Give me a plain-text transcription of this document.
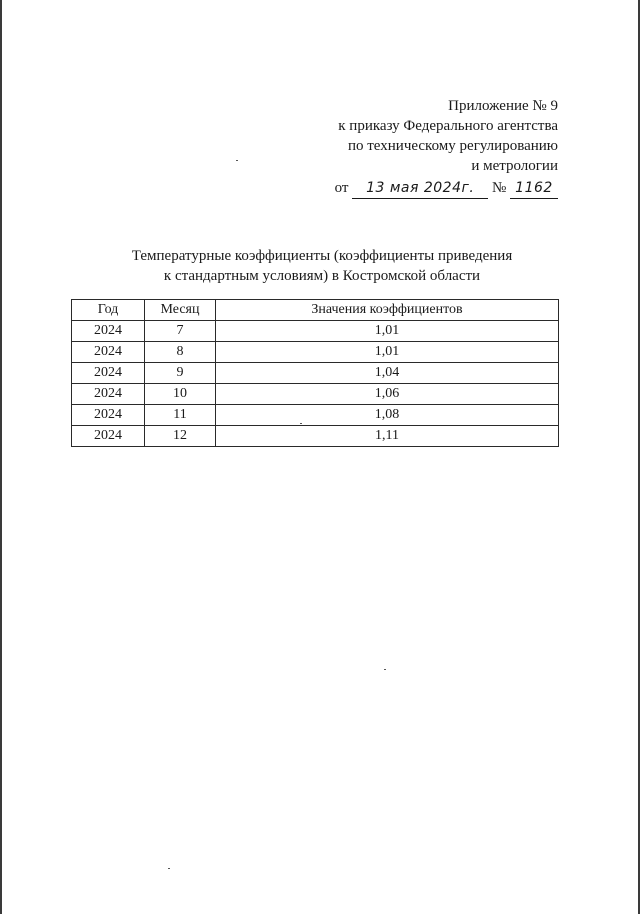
Приложение № 9
к приказу Федерального агентства
по техническому регулированию
и метрологии
от 13 мая 2024г. № 1162
Температурные коэффициенты (коэффициенты приведения
к стандартным условиям) в Костромской области
Год	Месяц	Значения коэффициентов
2024	7	1,01
2024	8	1,01
2024	9	1,04
2024	10	1,06
2024	11	1,08
2024	12	1,11
